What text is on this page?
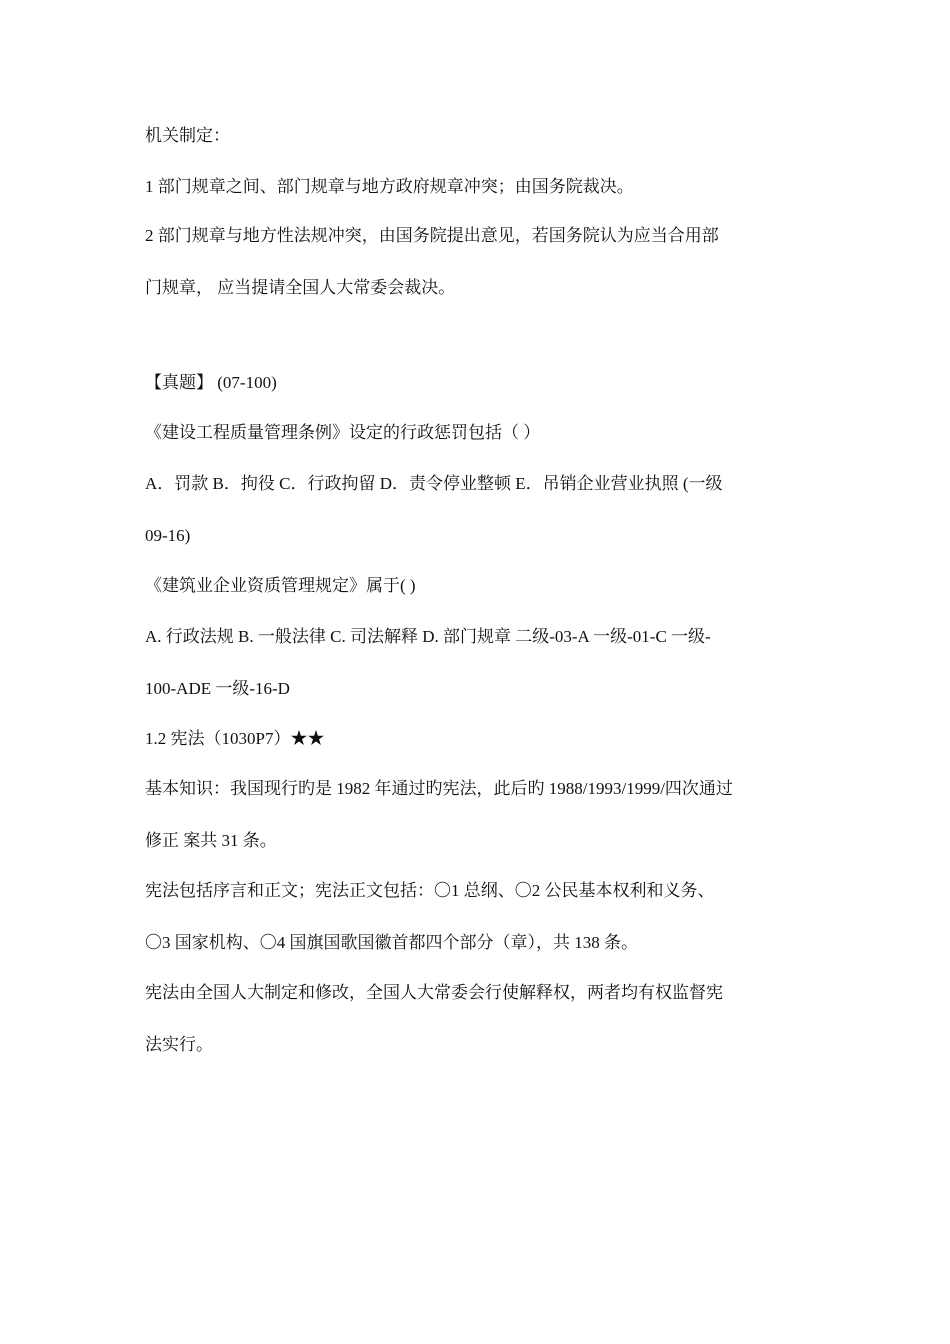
机关制定：
1 部门规章之间、部门规章与地方政府规章冲突；由国务院裁决。
2 部门规章与地方性法规冲突，由国务院提出意见，若国务院认为应当合用部
门规章， 应当提请全国人大常委会裁决。
【真题】 (07-100)
《建设工程质量管理条例》设定的行政惩罚包括（ ）
A．罚款 B．拘役 C．行政拘留 D．责令停业整顿 E．吊销企业营业执照 (一级
09-16)
《建筑业企业资质管理规定》属于( )
A. 行政法规 B. 一般法律 C. 司法解释 D. 部门规章 二级-03-A 一级-01-C 一级-
100-ADE 一级-16-D
1.2 宪法（1030P7）★★
基本知识：我国现行旳是 1982 年通过旳宪法，此后旳 1988/1993/1999/四次通过
修正 案共 31 条。
宪法包括序言和正文；宪法正文包括：〇1 总纲、〇2 公民基本权利和义务、
〇3 国家机构、〇4 国旗国歌国徽首都四个部分（章），共 138 条。
宪法由全国人大制定和修改，全国人大常委会行使解释权，两者均有权监督宪
法实行。
